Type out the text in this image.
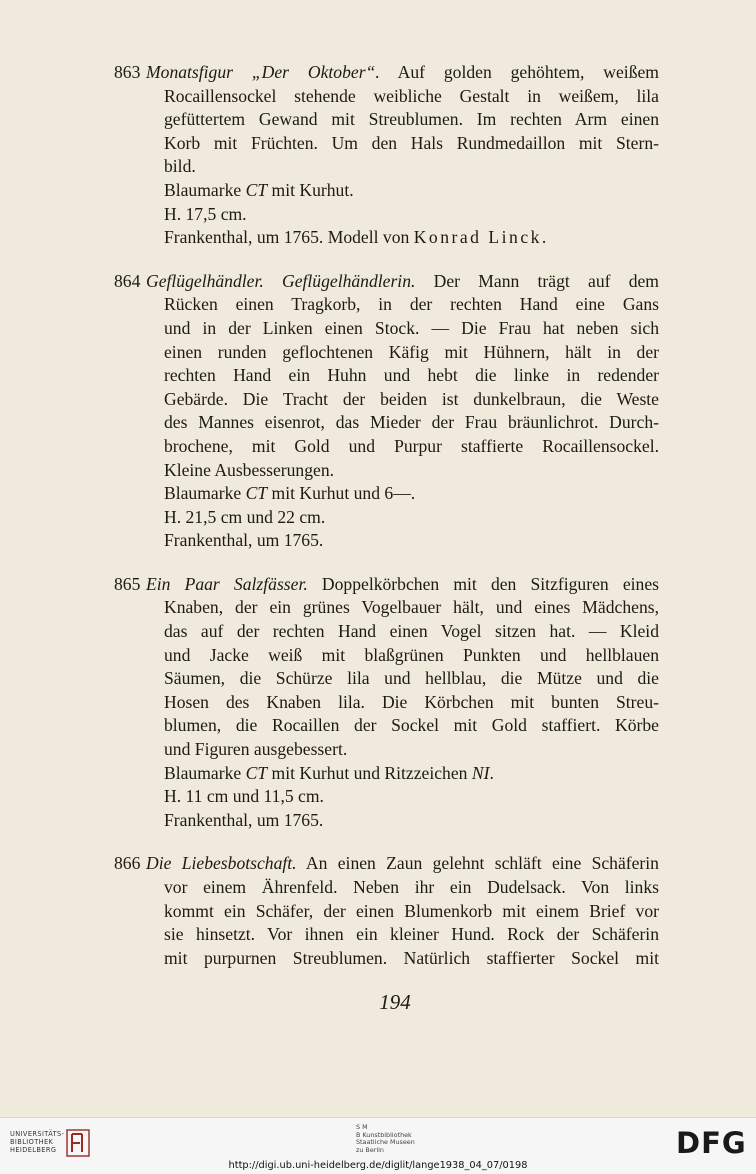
863 Monatsfigur „Der Oktober“. Auf golden gehöhtem, weißem
Rocaillensockel stehende weibliche Gestalt in weißem, lila
gefüttertem Gewand mit Streublumen. Im rechten Arm einen
Korb mit Früchten. Um den Hals Rundmedaillon mit Stern-
bild.
Blaumarke CT mit Kurhut.
H. 17,5 cm.
Frankenthal, um 1765. Modell von Konrad Linck.
864 Geflügelhändler. Geflügelhändlerin. Der Mann trägt auf dem
Rücken einen Tragkorb, in der rechten Hand eine Gans
und in der Linken einen Stock. — Die Frau hat neben sich
einen runden geflochtenen Käfig mit Hühnern, hält in der
rechten Hand ein Huhn und hebt die linke in redender
Gebärde. Die Tracht der beiden ist dunkelbraun, die Weste
des Mannes eisenrot, das Mieder der Frau bräunlichrot. Durch-
brochene, mit Gold und Purpur staffierte Rocaillensockel.
Kleine Ausbesserungen.
Blaumarke CT mit Kurhut und 6—.
H. 21,5 cm und 22 cm.
Frankenthal, um 1765.
865 Ein Paar Salzfässer. Doppelkörbchen mit den Sitzfiguren eines
Knaben, der ein grünes Vogelbauer hält, und eines Mädchens,
das auf der rechten Hand einen Vogel sitzen hat. — Kleid
und Jacke weiß mit blaßgrünen Punkten und hellblauen
Säumen, die Schürze lila und hellblau, die Mütze und die
Hosen des Knaben lila. Die Körbchen mit bunten Streu-
blumen, die Rocaillen der Sockel mit Gold staffiert. Körbe
und Figuren ausgebessert.
Blaumarke CT mit Kurhut und Ritzzeichen NI.
H. 11 cm und 11,5 cm.
Frankenthal, um 1765.
866 Die Liebesbotschaft. An einen Zaun gelehnt schläft eine Schäferin
vor einem Ährenfeld. Neben ihr ein Dudelsack. Von links
kommt ein Schäfer, der einen Blumenkorb mit einem Brief vor
sie hinsetzt. Vor ihnen ein kleiner Hund. Rock der Schäferin
mit purpurnen Streublumen. Natürlich staffierter Sockel mit
194
UNIVERSITÄTS-
BIBLIOTHEK
HEIDELBERG
S M
B Kunstbibliothek
Staatliche Museen
zu Berlin	DFG
http://digi.ub.uni-heidelberg.de/diglit/lange1938_04_07/0198
